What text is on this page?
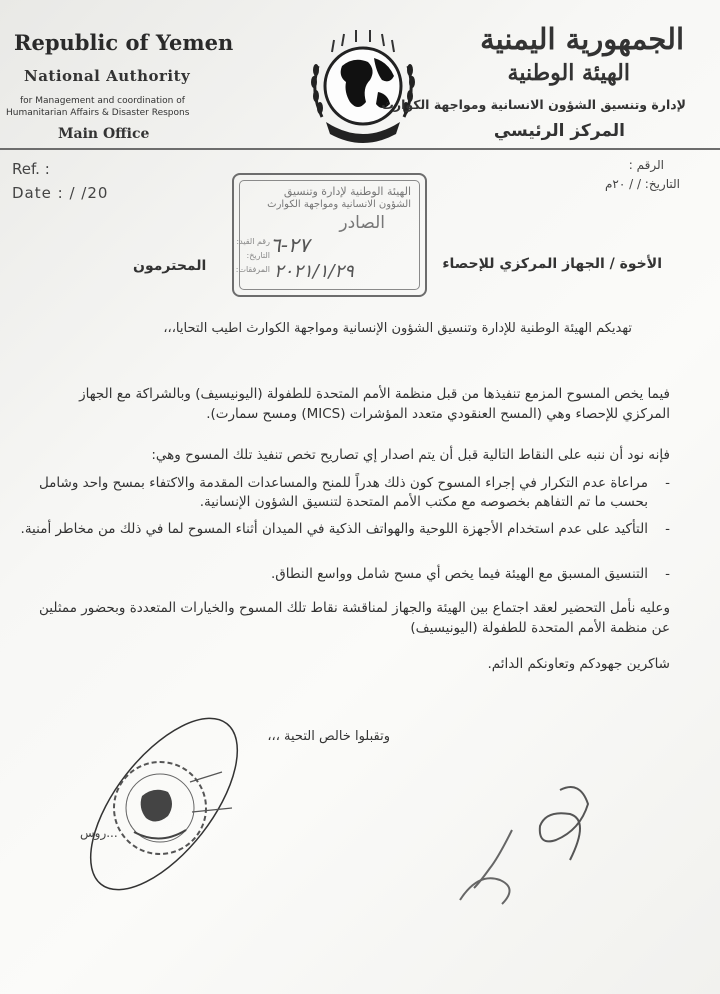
Republic of Yemen
National Authority
for Management and coordination of
Humanitarian Affairs & Disaster Respons
Main Office
الجمهورية اليمنية
الهيئة الوطنية
لإدارة وتنسيق الشؤون الانسانية ومواجهة الكوارث
المركز الرئيسي
Ref. :
Date : / /20
الرقم :
التاريخ: / / ٢٠م
الهيئة الوطنية لإدارة وتنسيق
الشؤون الانسانية ومواجهة الكوارث
الصادر
رقم القيد:
التاريخ:
المرفقات:
٢٧-٦
٢٠٢١/١/٢٩	الأخوة / الجهاز المركزي للإحصاء
المحترمون
تهديكم الهيئة الوطنية للإدارة وتنسيق الشؤون الإنسانية ومواجهة الكوارث اطيب التحايا،،،
فيما يخص المسوح المزمع تنفيذها من قبل منظمة الأمم المتحدة للطفولة (اليونيسيف) وبالشراكة مع الجهاز المركزي للإحصاء وهي (المسح العنقودي متعدد المؤشرات (MICS) ومسح سمارت).
فإنه نود أن ننبه على النقاط التالية قبل أن يتم اصدار إي تصاريح تخص تنفيذ تلك المسوح وهي:
-
مراعاة عدم التكرار في إجراء المسوح كون ذلك هدراً للمنح والمساعدات المقدمة والاكتفاء بمسح واحد وشامل بحسب ما تم التفاهم بخصوصه مع مكتب الأمم المتحدة لتنسيق الشؤون الإنسانية.
-
التأكيد على عدم استخدام الأجهزة اللوحية والهواتف الذكية في الميدان أثناء المسوح لما في ذلك من مخاطر أمنية.
-
التنسيق المسبق مع الهيئة فيما يخص أي مسح شامل وواسع النطاق.
وعليه نأمل التحضير لعقد اجتماع بين الهيئة والجهاز لمناقشة نقاط تلك المسوح والخيارات المتعددة وبحضور ممثلين عن منظمة الأمم المتحدة للطفولة (اليونيسيف)
شاكرين جهودكم وتعاونكم الدائم.
وتقبلوا خالص التحية ،،،
...روس
